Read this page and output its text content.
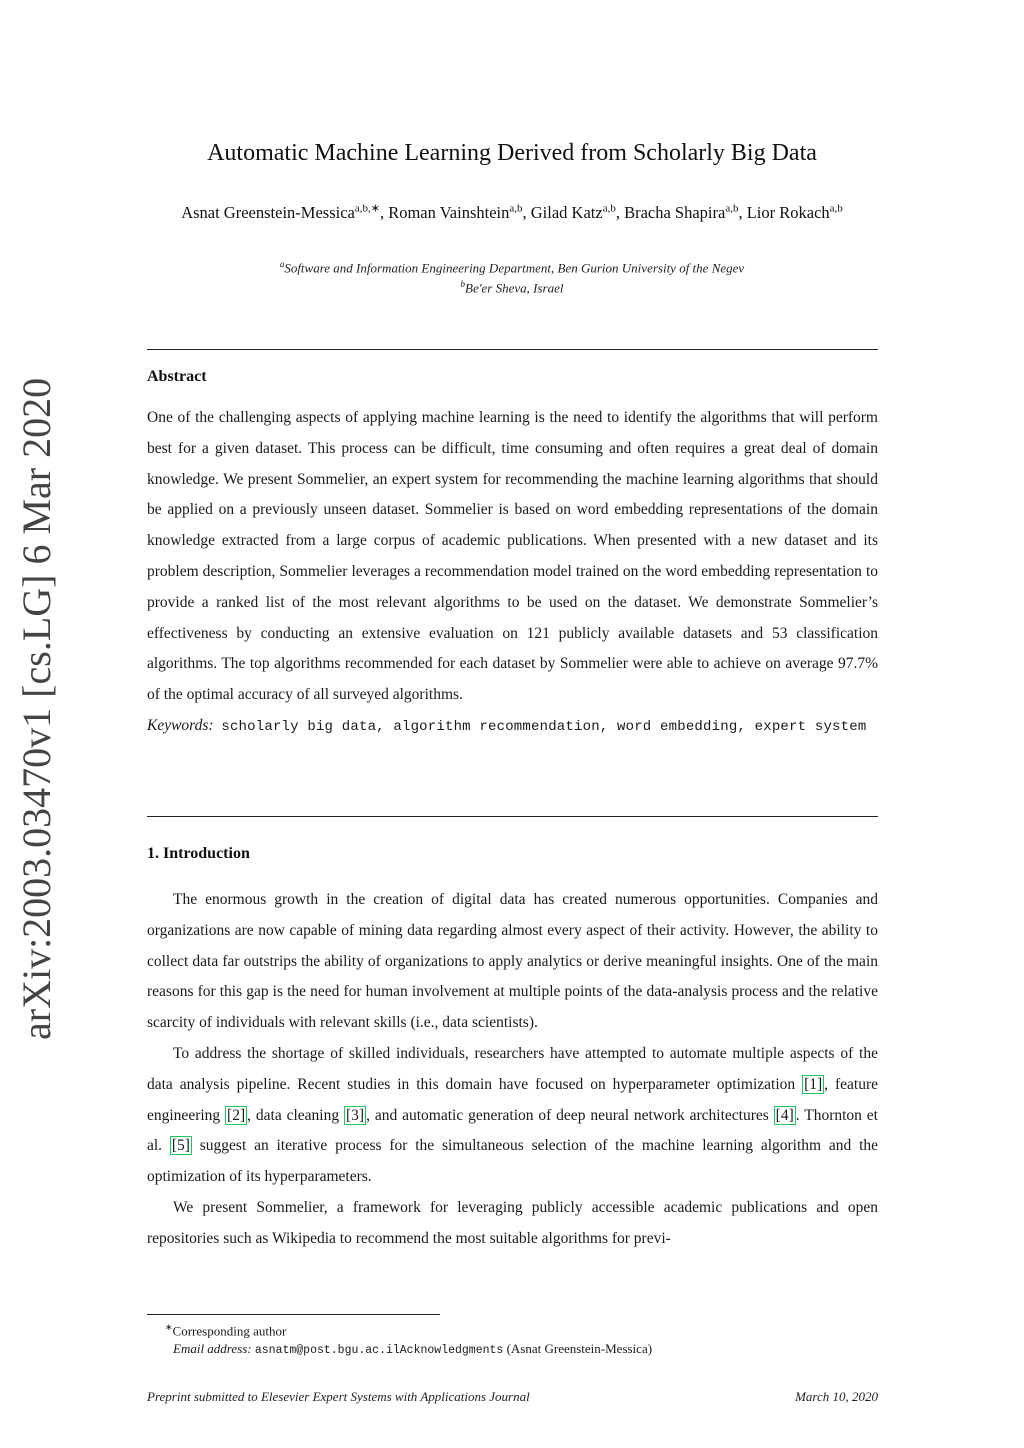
arXiv:2003.03470v1 [cs.LG] 6 Mar 2020
Automatic Machine Learning Derived from Scholarly Big Data
Asnat Greenstein-Messica$^{a,b,∗}$, Roman Vainshtein$^{a,b}$, Gilad Katz$^{a,b}$, Bracha Shapira$^{a,b}$, Lior Rokach$^{a,b}$
$^a$Software and Information Engineering Department, Ben Gurion University of the Negev
$^b$Be'er Sheva, Israel
Abstract

One of the challenging aspects of applying machine learning is the need to identify the algorithms that will perform best for a given dataset. This process can be difficult, time consuming and often requires a great deal of domain knowledge. We present Sommelier, an expert system for recommending the machine learning algorithms that should be applied on a previously unseen dataset. Sommelier is based on word embedding representations of the domain knowledge extracted from a large corpus of academic publications. When presented with a new dataset and its problem description, Sommelier leverages a recommendation model trained on the word embedding representation to provide a ranked list of the most relevant algorithms to be used on the dataset. We demonstrate Sommelier’s effectiveness by conducting an extensive evaluation on 121 publicly available datasets and 53 classification algorithms. The top algorithms recommended for each dataset by Sommelier were able to achieve on average 97.7% of the optimal accuracy of all surveyed algorithms.

Keywords: scholarly big data, algorithm recommendation, word embedding, expert system

1. Introduction

The enormous growth in the creation of digital data has created numerous opportunities. Companies and organizations are now capable of mining data regarding almost every aspect of their activity. However, the ability to collect data far outstrips the ability of organizations to apply analytics or derive meaningful insights. One of the main reasons for this gap is the need for human involvement at multiple points of the data-analysis process and the relative scarcity of individuals with relevant skills (i.e., data scientists).

To address the shortage of skilled individuals, researchers have attempted to automate multiple aspects of the data analysis pipeline. Recent studies in this domain have focused on hyperparameter optimization [1] , feature engineering [2] , data cleaning [3] , and automatic generation of deep neural network architectures [4] . Thornton et al. [5] suggest an iterative process for the simultaneous selection of the machine learning algorithm and the optimization of its hyperparameters.

We present Sommelier, a framework for leveraging publicly accessible academic publications and open repositories such as Wikipedia to recommend the most suitable algorithms for previ-

∗Corresponding author
Email address: asnatm@post.bgu.ac.ilAcknowledgments (Asnat Greenstein-Messica)
Preprint submitted to Elesevier Expert Systems with Applications Journal	March 10, 2020
